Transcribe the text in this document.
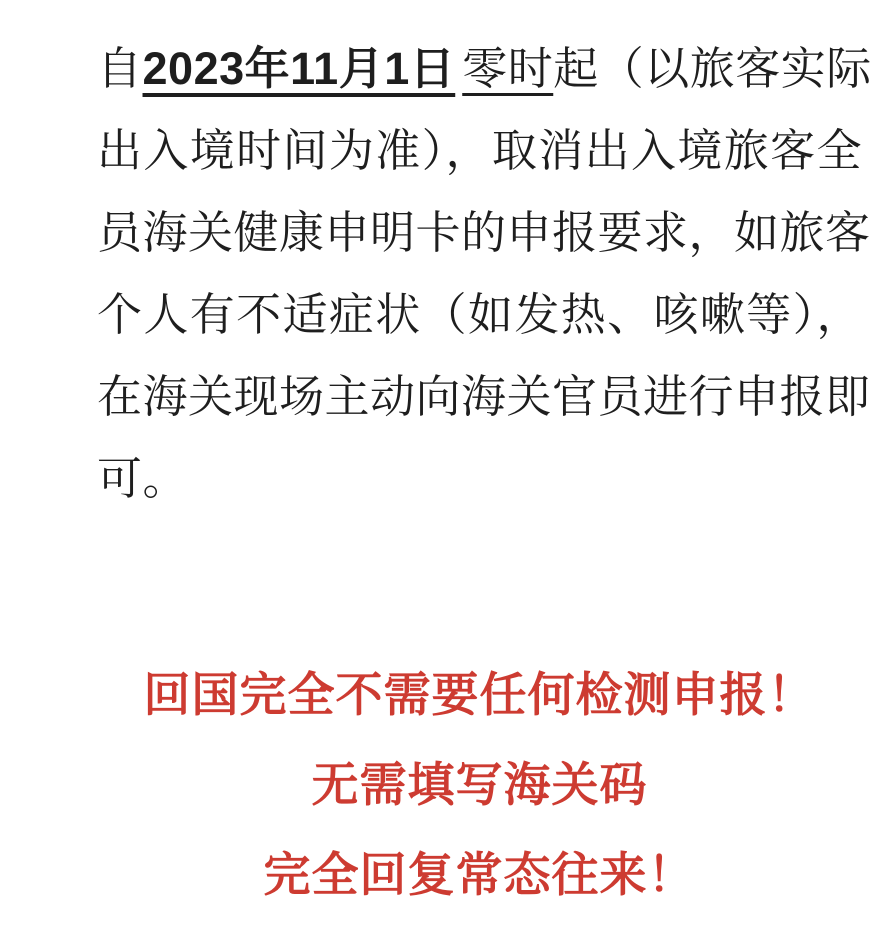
自2023年11月1日 零时起（以旅客实际
出入境时间为准），取消出入境旅客全
员海关健康申明卡的申报要求，如旅客
个人有不适症状（如发热、咳嗽等），
在海关现场主动向海关官员进行申报即
可。
回国完全不需要任何检测申报！
无需填写海关码
完全回复常态往来！
